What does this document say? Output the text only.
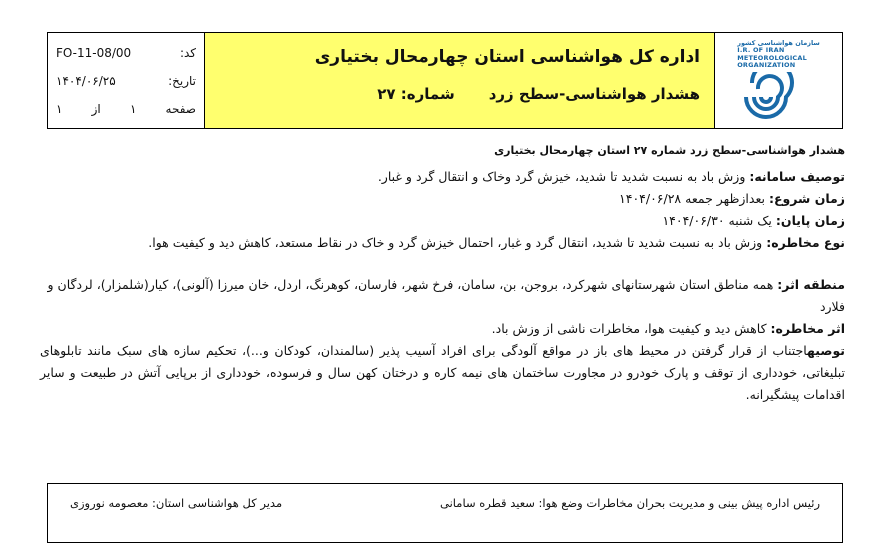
کد:
FO-11-08/00
تاریخ:
۱۴۰۴/۰۶/۲۵
صفحه
۱
از
۱
اداره کل هواشناسی استان چهارمحال بختیاری
هشدار هواشناسی-سطح زرد
شماره: ۲۷
سازمان هواشناسی کشور
I.R. OF IRAN
METEOROLOGICAL
ORGANIZATION
هشدار هواشناسی-سطح زرد شماره ۲۷ استان چهارمحال بختیاری
توصیف سامانه: وزش باد به نسبت شدید تا شدید، خیزش گرد وخاک و انتقال گرد و غبار.
زمان شروع: بعدازظهر جمعه ۱۴۰۴/۰۶/۲۸
زمان پایان: یک شنبه ۱۴۰۴/۰۶/۳۰
نوع مخاطره: وزش باد به نسبت شدید تا شدید، انتقال گرد و غبار، احتمال خیزش گرد و خاک در نقاط مستعد، کاهش دید و کیفیت هوا.
منطقه اثر: همه مناطق استان شهرستانهای شهرکرد، بروجن، بن، سامان، فرخ شهر، فارسان، کوهرنگ، اردل، خان میرزا (آلونی)، کیار(شلمزار)، لردگان و فلارد
اثر مخاطره: کاهش دید و کیفیت هوا، مخاطرات ناشی از وزش باد.
توصیهاجتناب از قرار گرفتن در محیط های باز در مواقع آلودگی برای افراد آسیب پذیر (سالمندان، کودکان و...)، تحکیم سازه های سبک مانند تابلوهای تبلیغاتی، خودداری از توقف و پارک خودرو در مجاورت ساختمان های نیمه کاره و درختان کهن سال و فرسوده، خودداری از برپایی آتش در طبیعت و سایر اقدامات پیشگیرانه.
رئیس اداره پیش بینی و مدیریت بحران مخاطرات وضع هوا: سعید قطره سامانی
مدیر کل هواشناسی استان: معصومه نوروزی
